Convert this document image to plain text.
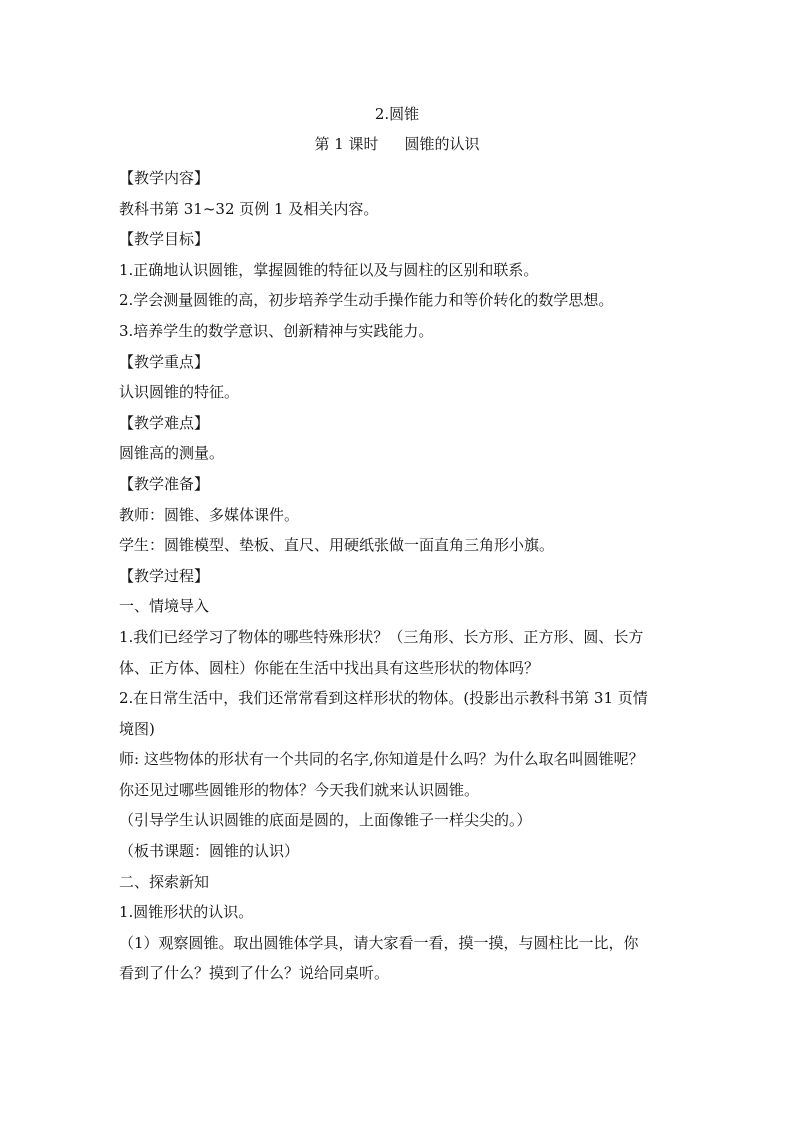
2.圆锥
第 1 课时 圆锥的认识
【教学内容】
教科书第 31~32 页例 1 及相关内容。
【教学目标】
1.正确地认识圆锥，掌握圆锥的特征以及与圆柱的区别和联系。
2.学会测量圆锥的高，初步培养学生动手操作能力和等价转化的数学思想。
3.培养学生的数学意识、创新精神与实践能力。
【教学重点】
认识圆锥的特征。
【教学难点】
圆锥高的测量。
【教学准备】
教师：圆锥、多媒体课件。
学生：圆锥模型、垫板、直尺、用硬纸张做一面直角三角形小旗。
【教学过程】
一、情境导入
1.我们已经学习了物体的哪些特殊形状？（三角形、长方形、正方形、圆、长方
体、正方体、圆柱）你能在生活中找出具有这些形状的物体吗？
2.在日常生活中，我们还常常看到这样形状的物体。(投影出示教科书第 31 页情
境图)
师: 这些物体的形状有一个共同的名字,你知道是什么吗？为什么取名叫圆锥呢？
你还见过哪些圆锥形的物体？今天我们就来认识圆锥。
（引导学生认识圆锥的底面是圆的，上面像锥子一样尖尖的。）
（板书课题：圆锥的认识）
二、探索新知
1.圆锥形状的认识。
（1）观察圆锥。取出圆锥体学具，请大家看一看，摸一摸，与圆柱比一比，你
看到了什么？摸到了什么？说给同桌听。
